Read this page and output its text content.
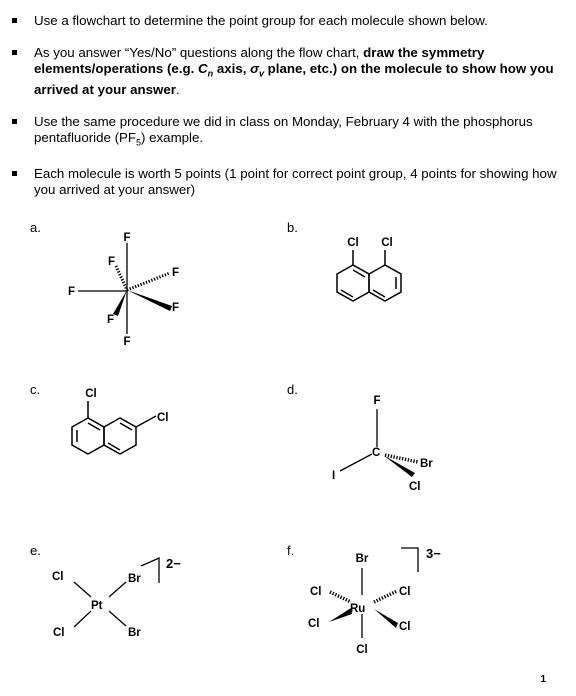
Use a flowchart to determine the point group for each molecule shown below.
As you answer “Yes/No” questions along the flow chart, draw the symmetry elements/operations (e.g. $C_n$ axis, $\sigma_v$ plane, etc.) on the molecule to show how you arrived at your answer.
Use the same procedure we did in class on Monday, February 4 with the phosphorus pentafluoride $(PF_5)$ example.
Each molecule is worth 5 points (1 point for correct point group, 4 points for showing how you arrived at your answer)
a.	b.
c.	d.
e.	f.
F
F
F
F
F
F
F
Cl Cl
Cl
Cl
F
C
Br
Cl
I
Cl
Cl
Pt
Br
Br
2−	Br
Ru
Cl
Cl
Cl
Cl
Cl
3−
1
